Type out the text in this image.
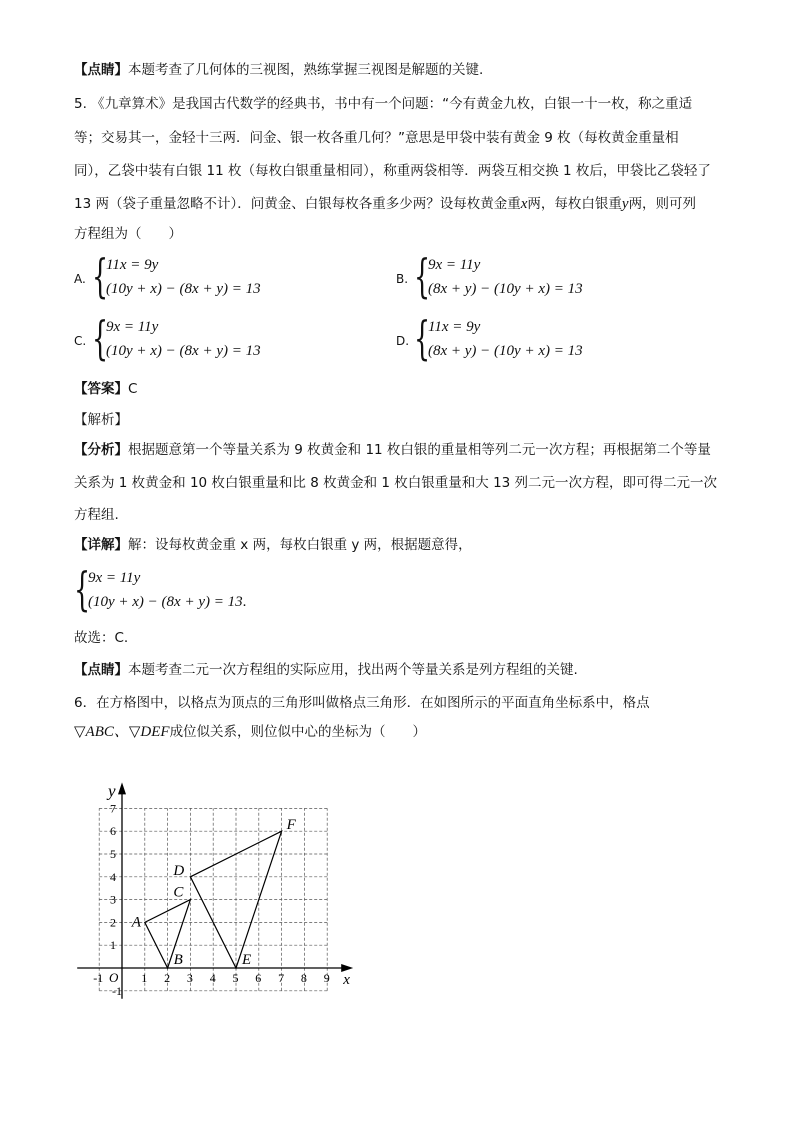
【点睛】本题考查了几何体的三视图，熟练掌握三视图是解题的关键.
5. 《九章算术》是我国古代数学的经典书，书中有一个问题：“今有黄金九枚，白银一十一枚，称之重适
等；交易其一，金轻十三两．问金、银一枚各重几何？”意思是甲袋中装有黄金 9 枚（每枚黄金重量相
同），乙袋中装有白银 11 枚（每枚白银重量相同），称重两袋相等．两袋互相交换 1 枚后，甲袋比乙袋轻了
13 两（袋子重量忽略不计）．问黄金、白银每枚各重多少两？设每枚黄金重x两，每枚白银重y两，则可列
方程组为（　　）
A. {
11x = 9y
(10y + x) − (8x + y) = 13
B. {
9x = 11y
(8x + y) − (10y + x) = 13
C. {
9x = 11y
(10y + x) − (8x + y) = 13
D. {
11x = 9y
(8x + y) − (10y + x) = 13
【答案】C
【解析】
【分析】根据题意第一个等量关系为 9 枚黄金和 11 枚白银的重量相等列二元一次方程；再根据第二个等量
关系为 1 枚黄金和 10 枚白银重量和比 8 枚黄金和 1 枚白银重量和大 13 列二元一次方程，即可得二元一次
方程组.
【详解】解：设每枚黄金重 x 两，每枚白银重 y 两，根据题意得，
{
9x = 11y
(10y + x) − (8x + y) = 13.
故选：C.
【点睛】本题考查二元一次方程组的实际应用，找出两个等量关系是列方程组的关键.
6．在方格图中，以格点为顶点的三角形叫做格点三角形．在如图所示的平面直角坐标系中，格点
▽ABC、▽DEF成位似关系，则位似中心的坐标为（　　）
x
y
O
-1	1 2 3 4 5 6 7 8 9
-1
1
2
3
4
5
6
7
A
B
C
D
E
F
